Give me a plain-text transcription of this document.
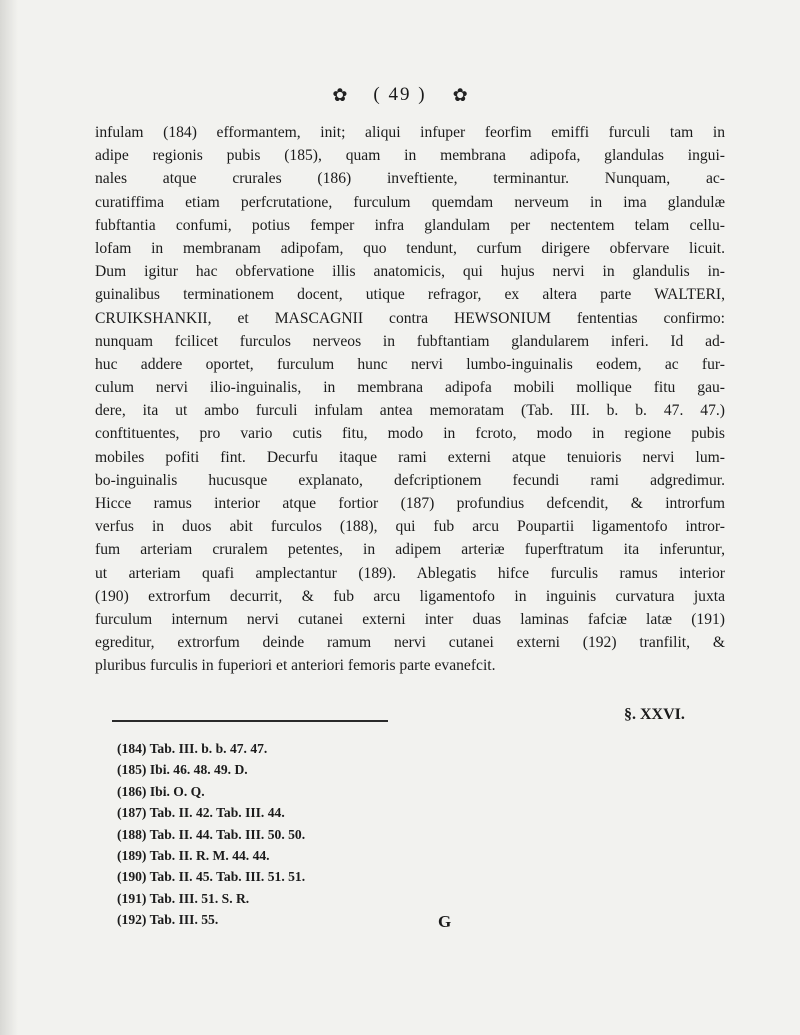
✿ ( 49 ) ✿
infulam (184) efformantem, init; aliqui infuper feorfim emiffi furculi tam in
adipe regionis pubis (185), quam in membrana adipofa, glandulas ingui-
nales atque crurales (186) inveftiente, terminantur. Nunquam, ac-
curatiffima etiam perfcrutatione, furculum quemdam nerveum in ima glandulæ
fubftantia confumi, potius femper infra glandulam per nectentem telam cellu-
lofam in membranam adipofam, quo tendunt, curfum dirigere obfervare licuit.
Dum igitur hac obfervatione illis anatomicis, qui hujus nervi in glandulis in-
guinalibus terminationem docent, utique refragor, ex altera parte WALTERI,
CRUIKSHANKII, et MASCAGNII contra HEWSONIUM fententias confirmo:
nunquam fcilicet furculos nerveos in fubftantiam glandularem inferi. Id ad-
huc addere oportet, furculum hunc nervi lumbo-inguinalis eodem, ac fur-
culum nervi ilio-inguinalis, in membrana adipofa mobili mollique fitu gau-
dere, ita ut ambo furculi infulam antea memoratam (Tab. III. b. b. 47. 47.)
conftituentes, pro vario cutis fitu, modo in fcroto, modo in regione pubis
mobiles pofiti fint. Decurfu itaque rami externi atque tenuioris nervi lum-
bo-inguinalis hucusque explanato, defcriptionem fecundi rami adgredimur.
Hicce ramus interior atque fortior (187) profundius defcendit, & introrfum
verfus in duos abit furculos (188), qui fub arcu Poupartii ligamentofo intror-
fum arteriam cruralem petentes, in adipem arteriæ fuperftratum ita inferuntur,
ut arteriam quafi amplectantur (189). Ablegatis hifce furculis ramus interior
(190) extrorfum decurrit, & fub arcu ligamentofo in inguinis curvatura juxta
furculum internum nervi cutanei externi inter duas laminas fafciæ latæ (191)
egreditur, extrorfum deinde ramum nervi cutanei externi (192) tranfilit, &
pluribus furculis in fuperiori et anteriori femoris parte evanefcit.
§. XXVI.
(184) Tab. III. b. b. 47. 47.
(185) Ibi. 46. 48. 49. D.
(186) Ibi. O. Q.
(187) Tab. II. 42. Tab. III. 44.
(188) Tab. II. 44. Tab. III. 50. 50.
(189) Tab. II. R. M. 44. 44.
(190) Tab. II. 45. Tab. III. 51. 51.
(191) Tab. III. 51. S. R.
(192) Tab. III. 55.	G
